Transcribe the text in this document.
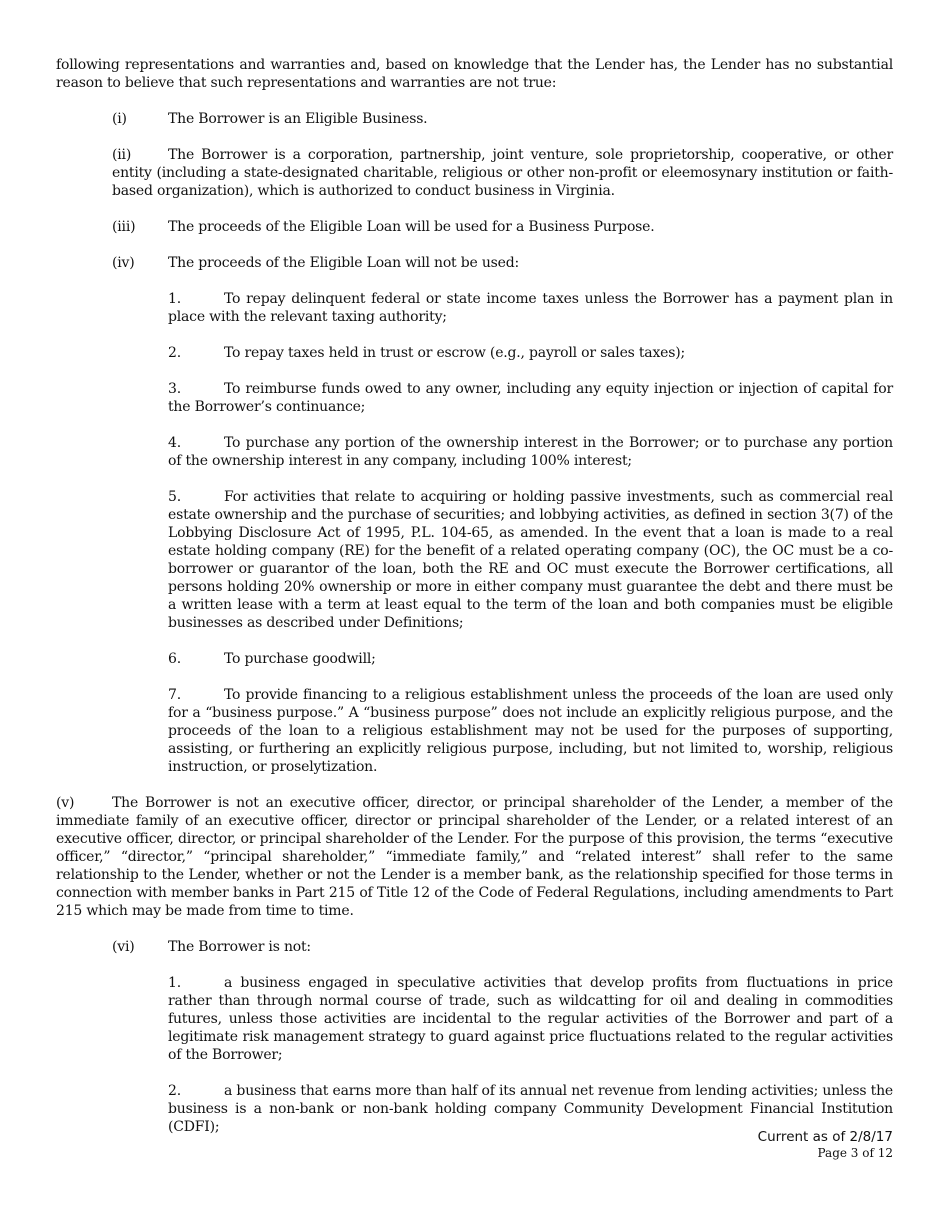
following representations and warranties and, based on knowledge that the Lender has, the Lender has no substantial reason to believe that such representations and warranties are not true:

(i)	The Borrower is an Eligible Business.

(ii)	The Borrower is a corporation, partnership, joint venture, sole proprietorship, cooperative, or other entity (including a state-designated charitable, religious or other non-profit or eleemosynary institution or faith-based organization), which is authorized to conduct business in Virginia.

(iii) The proceeds of the Eligible Loan will be used for a Business Purpose.

(iv) The proceeds of the Eligible Loan will not be used:

1.	To repay delinquent federal or state income taxes unless the Borrower has a payment plan in place with the relevant taxing authority;

2.	To repay taxes held in trust or escrow (e.g., payroll or sales taxes);

3.	To reimburse funds owed to any owner, including any equity injection or injection of capital for the Borrower’s continuance;

4.	To purchase any portion of the ownership interest in the Borrower; or to purchase any portion of the ownership interest in any company, including 100% interest;

5.	For activities that relate to acquiring or holding passive investments, such as commercial real estate ownership and the purchase of securities; and lobbying activities, as defined in section 3(7) of the Lobbying Disclosure Act of 1995, P.L. 104-65, as amended. In the event that a loan is made to a real estate holding company (RE) for the benefit of a related operating company (OC), the OC must be a co-borrower or guarantor of the loan, both the RE and OC must execute the Borrower certifications, all persons holding 20% ownership or more in either company must guarantee the debt and there must be a written lease with a term at least equal to the term of the loan and both companies must be eligible businesses as described under Definitions;

6.	To purchase goodwill;

7.	To provide financing to a religious establishment unless the proceeds of the loan are used only for a “business purpose.” A “business purpose” does not include an explicitly religious purpose, and the proceeds of the loan to a religious establishment may not be used for the purposes of supporting, assisting, or furthering an explicitly religious purpose, including, but not limited to, worship, religious instruction, or proselytization.

(v)	The Borrower is not an executive officer, director, or principal shareholder of the Lender, a member of the immediate family of an executive officer, director or principal shareholder of the Lender, or a related interest of an executive officer, director, or principal shareholder of the Lender. For the purpose of this provision, the terms “executive officer,” “director,” “principal shareholder,” “immediate family,” and “related interest” shall refer to the same relationship to the Lender, whether or not the Lender is a member bank, as the relationship specified for those terms in connection with member banks in Part 215 of Title 12 of the Code of Federal Regulations, including amendments to Part 215 which may be made from time to time.

(vi) The Borrower is not:

1.	a business engaged in speculative activities that develop profits from fluctuations in price rather than through normal course of trade, such as wildcatting for oil and dealing in commodities futures, unless those activities are incidental to the regular activities of the Borrower and part of a legitimate risk management strategy to guard against price fluctuations related to the regular activities of the Borrower;

2.	a business that earns more than half of its annual net revenue from lending activities; unless the business is a non-bank or non-bank holding company Community Development Financial Institution (CDFI);

Current as of 2/8/17
Page 3 of 12
